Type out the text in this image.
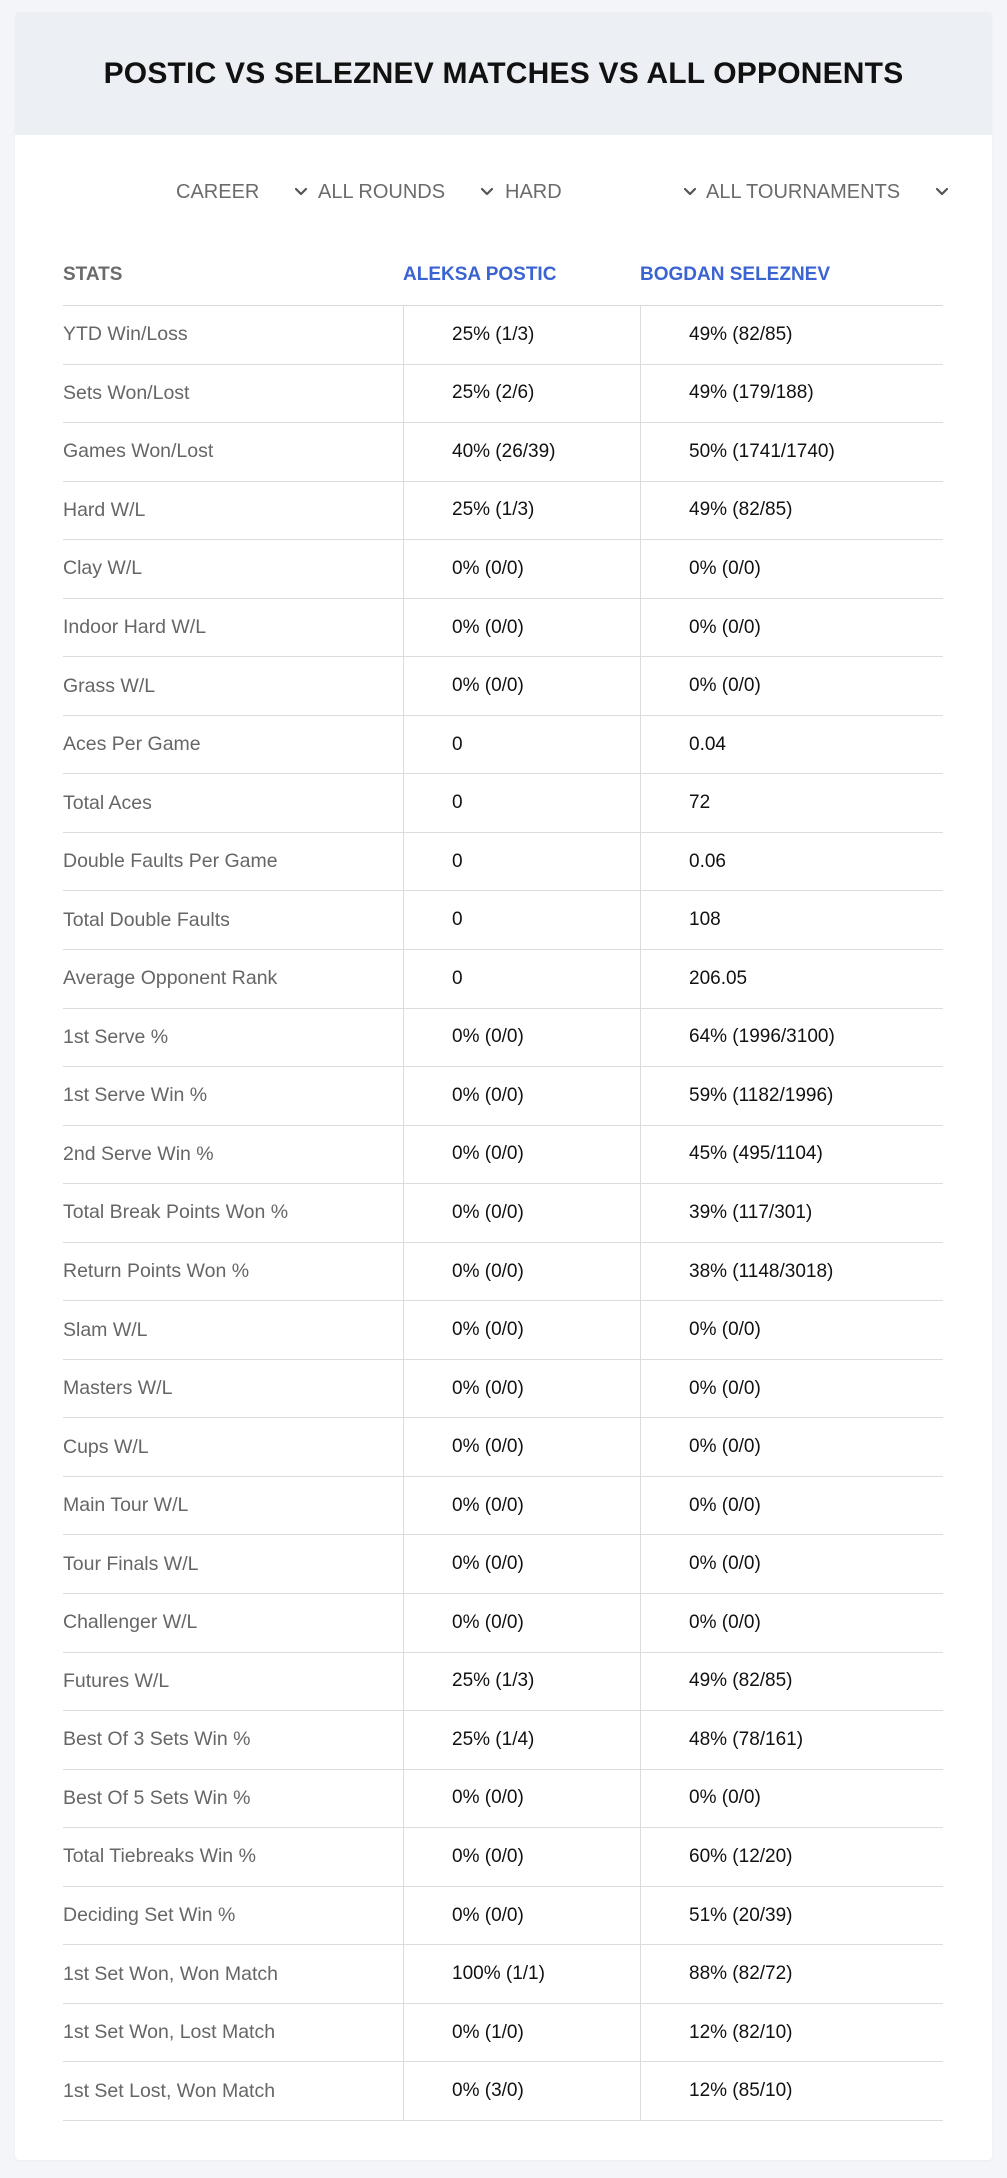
POSTIC VS SELEZNEV MATCHES VS ALL OPPONENTS
CAREER	ALL ROUNDS	HARD	ALL TOURNAMENTS
STATS	ALEKSA POSTIC	BOGDAN SELEZNEV
YTD Win/Loss	25% (1/3)	49% (82/85)
Sets Won/Lost	25% (2/6)	49% (179/188)
Games Won/Lost	40% (26/39)	50% (1741/1740)
Hard W/L	25% (1/3)	49% (82/85)
Clay W/L	0% (0/0)	0% (0/0)
Indoor Hard W/L	0% (0/0)	0% (0/0)
Grass W/L	0% (0/0)	0% (0/0)
Aces Per Game	0	0.04
Total Aces	0	72
Double Faults Per Game	0	0.06
Total Double Faults	0	108
Average Opponent Rank	0	206.05
1st Serve %	0% (0/0)	64% (1996/3100)
1st Serve Win %	0% (0/0)	59% (1182/1996)
2nd Serve Win %	0% (0/0)	45% (495/1104)
Total Break Points Won %	0% (0/0)	39% (117/301)
Return Points Won %	0% (0/0)	38% (1148/3018)
Slam W/L	0% (0/0)	0% (0/0)
Masters W/L	0% (0/0)	0% (0/0)
Cups W/L	0% (0/0)	0% (0/0)
Main Tour W/L	0% (0/0)	0% (0/0)
Tour Finals W/L	0% (0/0)	0% (0/0)
Challenger W/L	0% (0/0)	0% (0/0)
Futures W/L	25% (1/3)	49% (82/85)
Best Of 3 Sets Win %	25% (1/4)	48% (78/161)
Best Of 5 Sets Win %	0% (0/0)	0% (0/0)
Total Tiebreaks Win %	0% (0/0)	60% (12/20)
Deciding Set Win %	0% (0/0)	51% (20/39)
1st Set Won, Won Match	100% (1/1)	88% (82/72)
1st Set Won, Lost Match	0% (1/0)	12% (82/10)
1st Set Lost, Won Match	0% (3/0)	12% (85/10)
